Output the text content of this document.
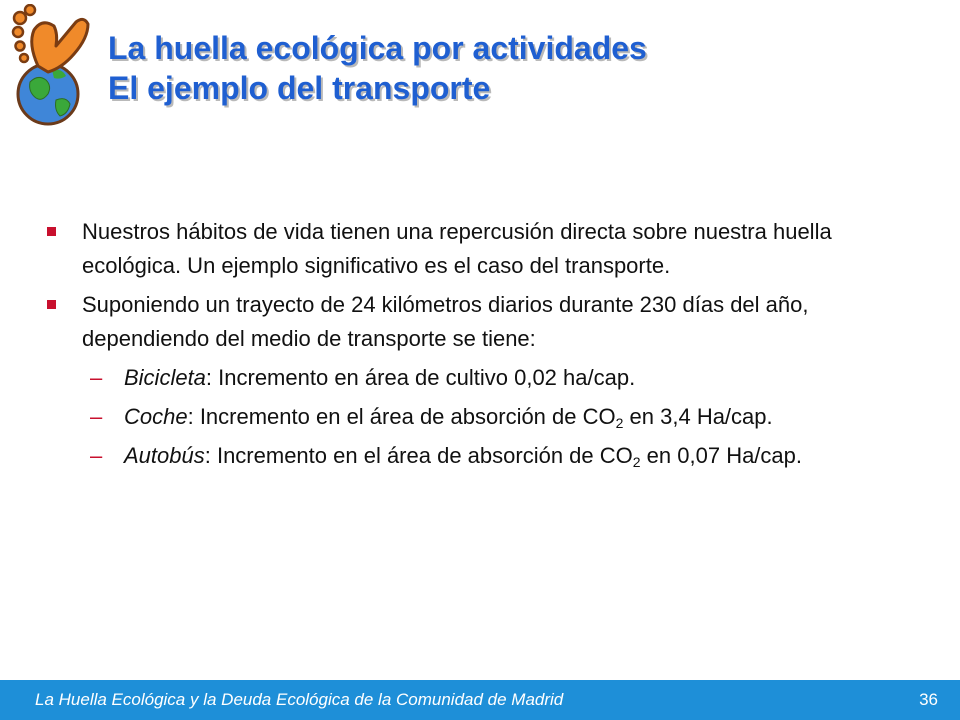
La huella ecológica por actividades
El ejemplo del transporte
Nuestros hábitos de vida tienen una repercusión directa sobre nuestra huella ecológica. Un ejemplo significativo es el caso del transporte.
Suponiendo un trayecto de 24 kilómetros diarios durante 230 días del año, dependiendo del medio de transporte se tiene:
– Bicicleta: Incremento en área de cultivo 0,02 ha/cap.
– Coche: Incremento en el área de absorción de $CO_2$ en 3,4 Ha/cap.
– Autobús: Incremento en el área de absorción de $CO_2$ en 0,07 Ha/cap.
La Huella Ecológica y la Deuda Ecológica de la Comunidad de Madrid	36
